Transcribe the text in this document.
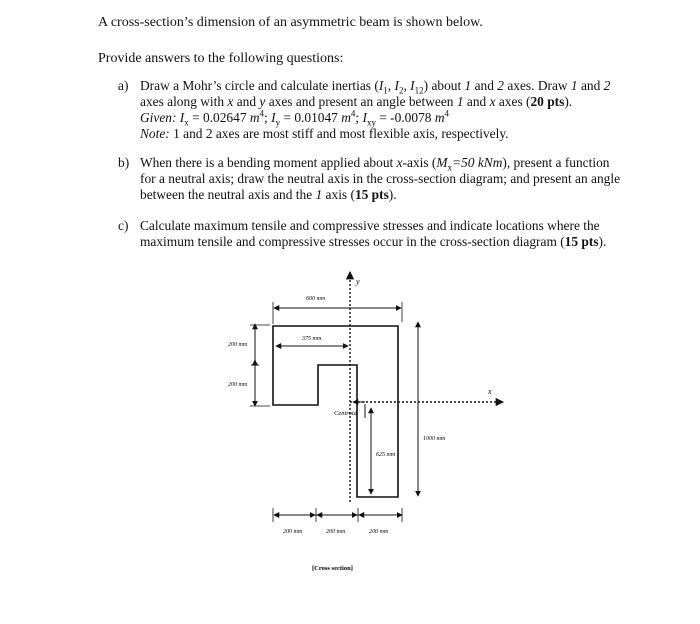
A cross-section’s dimension of an asymmetric beam is shown below.
Provide answers to the following questions:
a) Draw a Mohr’s circle and calculate inertias ($I_1$, $I_2$, $I_{12}$) about 1 and 2 axes. Draw 1 and 2
axes along with x and y axes and present an angle between 1 and x axes (20 pts).
Given: $I_x = 0.02647$ $m^4$; $I_y = 0.01047$ $m^4$; $I_{xy} = -0.0078$ $m^4$
Note: 1 and 2 axes are most stiff and most flexible axis, respectively.
b) When there is a bending moment applied about x-axis ($M_x=50$ kNm), present a function
for a neutral axis; draw the neutral axis in the cross-section diagram; and present an angle
between the neutral axis and the 1 axis (15 pts).
c) Calculate maximum tensile and compressive stresses and indicate locations where the
maximum tensile and compressive stresses occur in the cross-section diagram (15 pts).
y
x
Centroid
600 mm
375 mm
200 mm
200 mm
1000 mm
625 mm
200 mm	200 mm	200 mm
[Cross section]
